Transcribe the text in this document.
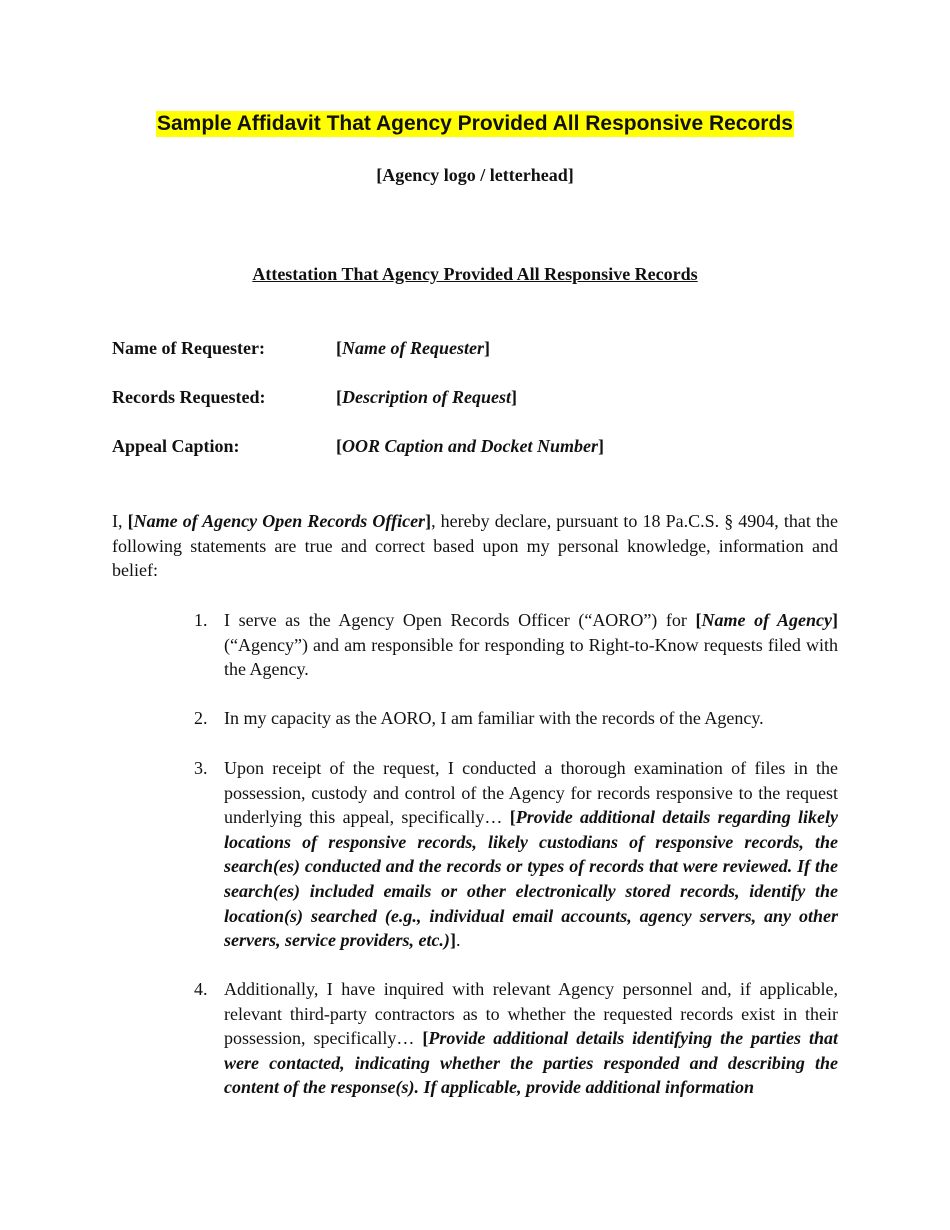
Sample Affidavit That Agency Provided All Responsive Records
[Agency logo / letterhead]
Attestation That Agency Provided All Responsive Records
Name of Requester:	[Name of Requester]
Records Requested:	[Description of Request]
Appeal Caption:	[OOR Caption and Docket Number]
I, [Name of Agency Open Records Officer], hereby declare, pursuant to 18 Pa.C.S. § 4904, that the following statements are true and correct based upon my personal knowledge, information and belief:
1. I serve as the Agency Open Records Officer (“AORO”) for [Name of Agency] (“Agency”) and am responsible for responding to Right-to-Know requests filed with the Agency.
2. In my capacity as the AORO, I am familiar with the records of the Agency.
3. Upon receipt of the request, I conducted a thorough examination of files in the possession, custody and control of the Agency for records responsive to the request underlying this appeal, specifically… [Provide additional details regarding likely locations of responsive records, likely custodians of responsive records, the search(es) conducted and the records or types of records that were reviewed. If the search(es) included emails or other electronically stored records, identify the location(s) searched (e.g., individual email accounts, agency servers, any other servers, service providers, etc.)].
4. Additionally, I have inquired with relevant Agency personnel and, if applicable, relevant third-party contractors as to whether the requested records exist in their possession, specifically… [Provide additional details identifying the parties that were contacted, indicating whether the parties responded and describing the content of the response(s). If applicable, provide additional information
